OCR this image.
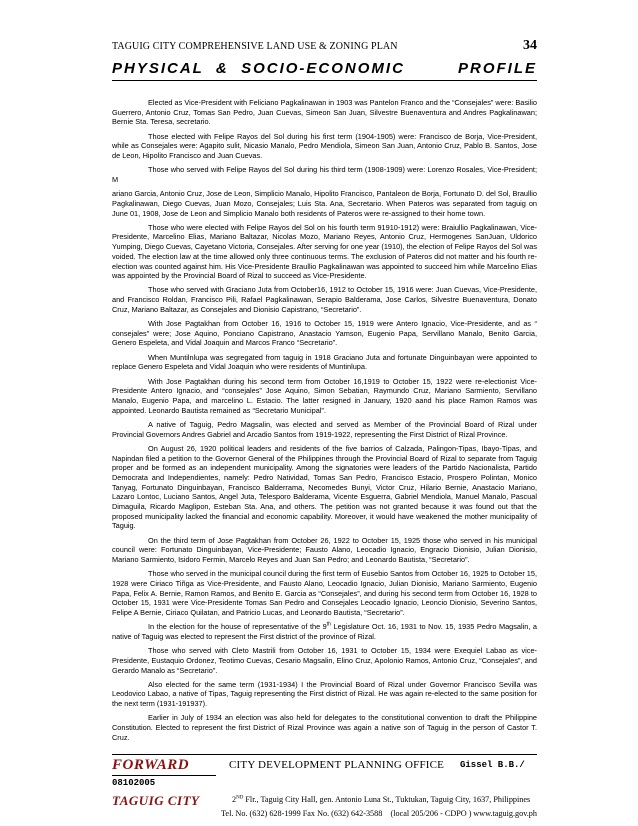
TAGUIG CITY COMPREHENSIVE LAND USE & ZONING PLAN	34
PHYSICAL  &  SOCIO-ECONOMIC	PROFILE

Elected as Vice-President with Feliciano Pagkalinawan in 1903 was Pantelon Franco and the “Consejales” were: Basilio Guerrero, Antonio Cruz, Tomas San Pedro, Juan Cuevas, Simeon San Juan, Silvestre Buenaventura and Andres Pagkalinawan; Bernie Sta. Teresa, secretario.

Those elected with Felipe Rayos del Sol during his first term (1904-1905) were: Francisco de Borja, Vice-President, while as Consejales were: Agapito sulit, Nicasio Manalo, Pedro Mendiola, Simeon San Juan, Antonio Cruz, Pablo B. Santos, Jose de Leon, Hipolito Francisco and Juan Cuevas.

Those who served with Felipe Rayos del Sol during his third term (1908-1909) were: Lorenzo Rosales, Vice-President; M

ariano Garcia, Antonio Cruz, Jose de Leon, Simplicio Manalo, Hipolito Francisco, Pantaleon de Borja, Fortunato D. del Sol, Braullio Pagkalinawan, Diego Cuevas, Juan Mozo, Consejales; Luis Sta. Ana, Secretario. When Pateros was separated from taguig on June 01, 1908, Jose de Leon and Simplicio Manalo both residents of Pateros were re-assigned to their home town.

Those who were elected with Felipe Rayos del Sol on his fourth term 91910-1912) were: Braiullio Pagkalinawan, Vice-Presidente, Marcelino Elias, Mariano Baltazar, Nicolas Mozo, Mariano Reyes, Antonio Cruz, Hermogenes SanJuan, Uldorico Yumping, Diego Cuevas, Cayetano Victoria, Consejales. After serving for one year (1910), the election of Felipe Rayos del Sol was voided. The election law at the time allowed only three continuous terms. The exclusion of Pateros did not matter and his fourth re-election was counted against him. His Vice-Presidente Braullio Pagkalinawan was appointed to succeed him while Marcelino Elias was appointed by the Provincial Board of Rizal to succeed as Vice-Presidente.

Those who served with Graciano Juta from October16, 1912 to October 15, 1916 were: Juan Cuevas, Vice-Presidente, and Francisco Roldan, Francisco Pili, Rafael Pagkalinawan, Serapio Balderama, Jose Carlos, Silvestre Buenaventura, Donato Cruz, Mariano Baltazar, as Consejales and Dionisio Capistrano, “Secretario”.

With Jose Pagtakhan from October 16, 1916 to October 15, 1919 were Antero Ignacio, Vice-Presidente, and as “ consejales” were; Jose Aquino, Ponciano Capistrano, Anastacio Yamson, Eugenio Papa, Servillano Manalo, Benito Garcia, Genero Espeleta, and Vidal Joaquin and Marcos Franco “Secretario”.

When Muntilnlupa was segregated from taguig in 1918 Graciano Juta and fortunate Dinguinbayan were appointed to replace Genero Espeleta and Vidal Joaquin who were residents of Muntinlupa.

With Jose Pagtakhan during his second term from October 16,1919 to October 15, 1922 were re-electionist Vice-Presidente Antero Ignacio, and “consejales” Jose Aquino, Simon Sebatian, Raymundo Cruz, Mariano Sarmiento, Servillano Manalo, Eugenio Papa, and marcelino L. Estacio. The latter resigned in January, 1920 aand his place Ramon Ramos was appointed. Leonardo Bautista remained as “Secretario Municipal”.

A native of Taguig, Pedro Magsalin, was elected and served as Member of the Provincial Board of Rizal under Provincial Governors Andres Gabriel and Arcadio Santos from 1919-1922, representing the First District of Rizal Province.

On August 26, 1920 political leaders and residents of the five barrios of Calzada, Palingon-Tipas, Ibayo-Tipas, and Napindan filed a petition to the Governor General of the Philippines through the Provincial Board of Rizal to separate from Taguig proper and be formed as an independent municipality. Among the signatories were leaders of the Partido Nacionalista, Partido Democrata and Independientes, namely: Pedro Natividad, Tomas San Pedro, Francisco Estacio, Prospero Polintan, Monico Tanyag, Fortunato Dinguinbayan, Francisco Balderrama, Necomedes Bunyi, Victor Cruz, Hilario Bernie, Anastacio Mariano, Lazaro Lontoc, Luciano Santos, Angel Juta, Telesporo Balderama, Vicente Esguerra, Gabriel Mendiola, Manuel Manalo, Pascual Dimaguila, Ricardo Maglipon, Esteban Sta. Ana, and others. The petition was not granted because it was found out that the proposed municipality lacked the financial and economic capability. Moreover, it would have weakened the mother municipality of Taguig.

On the third term of Jose Pagtakhan from October 26, 1922 to October 15, 1925 those who served in his municipal council were: Fortunato Dinguinbayan, Vice-Presidente; Fausto Alano, Leocadio Ignacio, Engracio Dionisio, Julian Dionisio, Mariano Sarmiento, Isidoro Fermin, Marcelo Reyes and Juan San Pedro; and Leonardo Bautista, “Secretario”.

Those who served in the municipal council during the first term of Eusebio Santos from October 16, 1925 to October 15, 1928 were Ciriaco Tiñga as Vice-Presidente, and Fausto Alano, Leocadio Ignacio, Julian Dionisio, Mariano Sarmiento, Eugenio Papa, Felix A. Bernie, Ramon Ramos, and Benito E. Garcia as “Consejales”, and during his second term from October 16, 1928 to October 15, 1931 were Vice-Presidente Tomas San Pedro and Consejales Leocadio Ignacio, Leoncio Dionisio, Severino Santos, Felipe A Bernie, Ciriaco Quilatan, and Patricio Lucas, and Leonardo Bautista, “Secretario”.

In the election for the house of representative of the 9th Legislature Oct. 16, 1931 to Nov. 15, 1935 Pedro Magsalin, a native of Taguig was elected to represent the First district of the province of Rizal.

Those who served with Cleto Mastrili from October 16, 1931 to October 15, 1934 were Exequiel Labao as vice-Presidente, Eustaquio Ordonez, Teotimo Cuevas, Cesario Magsalin, Elino Cruz, Apolonio Ramos, Antonio Cruz, “Consejales”, and Gerardo Manalo as “Secretario”.

Also elected for the same term (1931-1934) I the Provincial Board of Rizal under Governor Francisco Sevilla was Leodovico Labao, a native of Tipas, Taguig representing the First district of Rizal. He was again re-elected to the same position for the next term (1931-191937).

Earlier in July of 1934 an election was also held for delegates to the constitutional convention to draft the Philippine Constitution. Elected to represent the first District of Rizal Province was again a native son of Taguig in the person of Castor T. Cruz.

FORWARD
08102005
TAGUIG CITY
CITY DEVELOPMENT PLANNING OFFICE Gissel B.B./
2ND Flr., Taguig City Hall, gen. Antonio Luna St., Tuktukan, Taguig City, 1637, Philippines
Tel. No. (632) 628-1999 Fax No. (632) 642-3588    (local 205/206 - CDPO ) www.taguig.gov.ph
